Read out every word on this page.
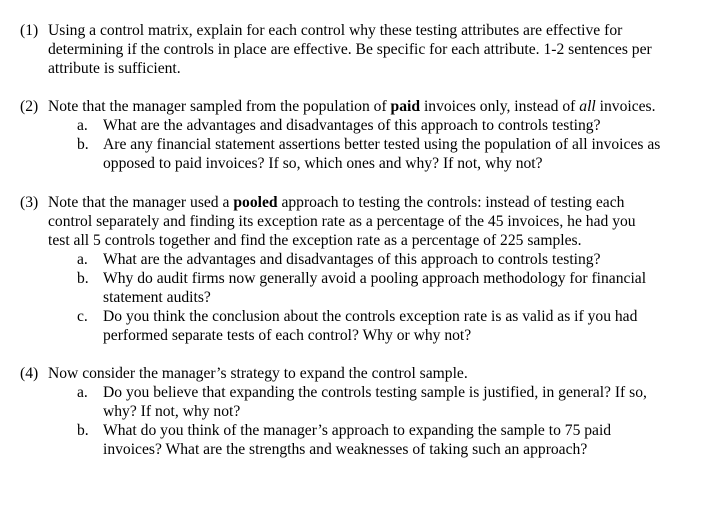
(1) Using a control matrix, explain for each control why these testing attributes are effective for
determining if the controls in place are effective. Be specific for each attribute. 1-2 sentences per
attribute is sufficient.
(2) Note that the manager sampled from the population of paid invoices only, instead of all invoices.
a. What are the advantages and disadvantages of this approach to controls testing?
b. Are any financial statement assertions better tested using the population of all invoices as
opposed to paid invoices? If so, which ones and why? If not, why not?
(3) Note that the manager used a pooled approach to testing the controls: instead of testing each
control separately and finding its exception rate as a percentage of the 45 invoices, he had you
test all 5 controls together and find the exception rate as a percentage of 225 samples.
a. What are the advantages and disadvantages of this approach to controls testing?
b. Why do audit firms now generally avoid a pooling approach methodology for financial
statement audits?
c. Do you think the conclusion about the controls exception rate is as valid as if you had
performed separate tests of each control? Why or why not?
(4) Now consider the manager’s strategy to expand the control sample.
a. Do you believe that expanding the controls testing sample is justified, in general? If so,
why? If not, why not?
b. What do you think of the manager’s approach to expanding the sample to 75 paid
invoices? What are the strengths and weaknesses of taking such an approach?
